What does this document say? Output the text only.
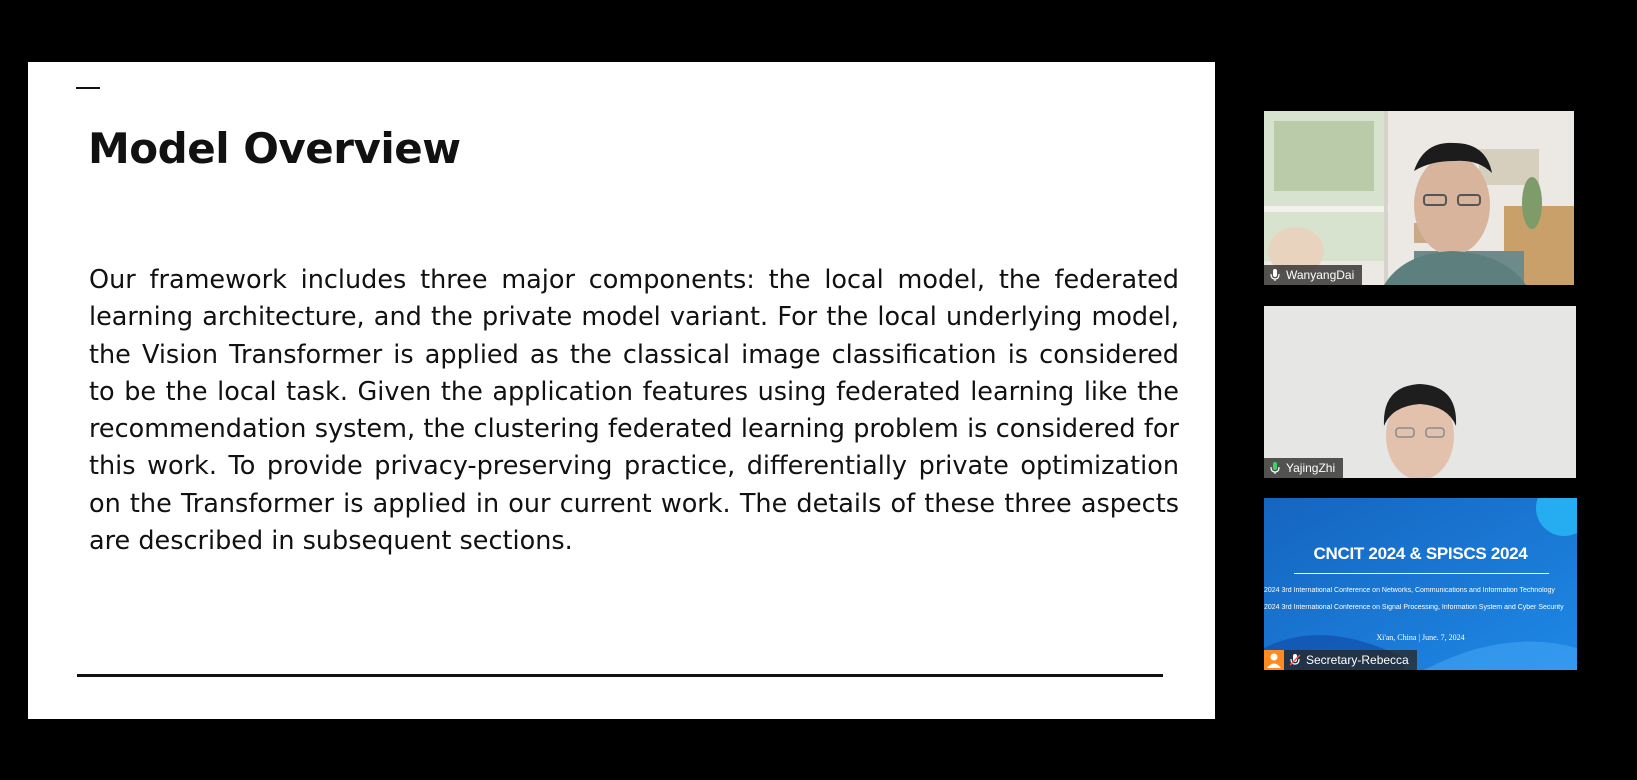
Model Overview

Our framework includes three major components: the local model, the federated learning architecture, and the private model variant. For the local underlying model, the Vision Transformer is applied as the classical image classification is considered to be the local task. Given the application features using federated learning like the recommendation system, the clustering federated learning problem is considered for this work. To provide privacy-preserving practice, differentially private optimization on the Transformer is applied in our current work. The details of these three aspects are described in subsequent sections.

WanyangDai
YajingZhi
CNCIT 2024 & SPISCS 2024
2024 3rd International Conference on Networks, Communications and Information Technology
2024 3rd International Conference on Signal Processing, Information System and Cyber Security
Xi'an, China | June. 7, 2024
Secretary-Rebecca
